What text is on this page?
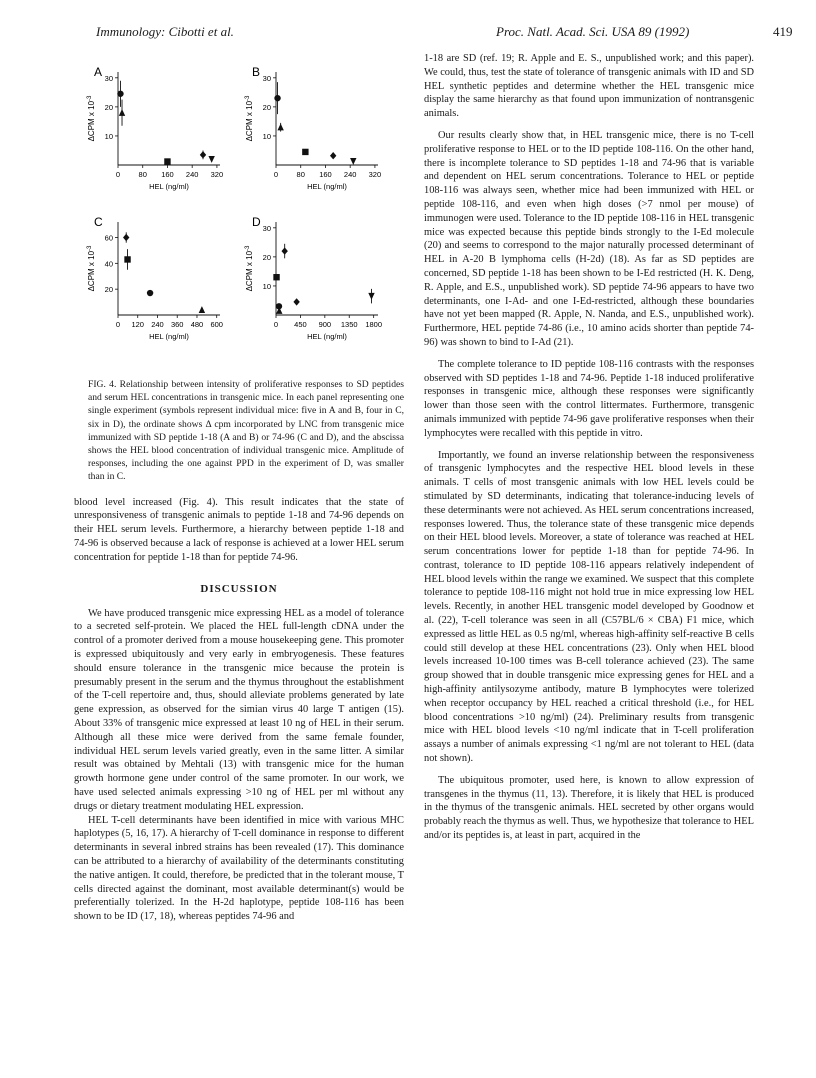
Immunology: Cibotti et al.	Proc. Natl. Acad. Sci. USA 89 (1992)	419
A
10
20
30
0 80 160 240 320
HEL (ng/ml)
ΔCPM x $10^{-3}$
B
10
20
30
0 80 160 240 320
HEL (ng/ml)
ΔCPM x $10^{-3}$
C
20
40
60
0 120 240 360 480 600
HEL (ng/ml)
ΔCPM x $10^{-3}$
D
10
20
30
0 450 900 1350 1800
HEL (ng/ml)
ΔCPM x $10^{-3}$
FIG. 4. Relationship between intensity of proliferative responses to SD peptides and serum HEL concentrations in transgenic mice. In each panel representing one single experiment (symbols represent individual mice: five in A and B, four in C, six in D), the ordinate shows Δ cpm incorporated by LNC from transgenic mice immunized with SD peptide 1-18 (A and B) or 74-96 (C and D), and the abscissa shows the HEL blood concentration of individual transgenic mice. Amplitude of responses, including the one against PPD in the experiment of D, was smaller than in C.

blood level increased (Fig. 4). This result indicates that the state of unresponsiveness of transgenic animals to peptide 1-18 and 74-96 depends on their HEL serum levels. Furthermore, a hierarchy between peptide 1-18 and 74-96 is observed because a lack of response is achieved at a lower HEL serum concentration for peptide 1-18 than for peptide 74-96.

DISCUSSION

We have produced transgenic mice expressing HEL as a model of tolerance to a secreted self-protein. We placed the HEL full-length cDNA under the control of a promoter derived from a mouse housekeeping gene. This promoter is expressed ubiquitously and very early in embryogenesis. These features should ensure tolerance in the transgenic mice because the protein is presumably present in the serum and the thymus throughout the establishment of the T-cell repertoire and, thus, should alleviate problems generated by late gene expression, as observed for the simian virus 40 large T antigen (15). About 33% of transgenic mice expressed at least 10 ng of HEL in their serum. Although all these mice were derived from the same female founder, individual HEL serum levels varied greatly, even in the same litter. A similar result was obtained by Mehtali (13) with transgenic mice for the human growth hormone gene under control of the same promoter. In our work, we have used selected animals expressing >10 ng of HEL per ml without any drugs or dietary treatment modulating HEL expression.

HEL T-cell determinants have been identified in mice with various MHC haplotypes (5, 16, 17). A hierarchy of T-cell dominance in response to different determinants in several inbred strains has been revealed (17). This dominance can be attributed to a hierarchy of availability of the determinants constituting the native antigen. It could, therefore, be predicted that in the tolerant mouse, T cells directed against the dominant, most available determinant(s) would be preferentially tolerized. In the H-2d haplotype, peptide 108-116 has been shown to be ID (17, 18), whereas peptides 74-96 and

1-18 are SD (ref. 19; R. Apple and E. S., unpublished work; and this paper). We could, thus, test the state of tolerance of transgenic animals with ID and SD HEL synthetic peptides and determine whether the HEL transgenic mice display the same hierarchy as that found upon immunization of nontransgenic animals.

Our results clearly show that, in HEL transgenic mice, there is no T-cell proliferative response to HEL or to the ID peptide 108-116. On the other hand, there is incomplete tolerance to SD peptides 1-18 and 74-96 that is variable and dependent on HEL serum concentrations. Tolerance to HEL or peptide 108-116 was always seen, whether mice had been immunized with HEL or peptide 108-116, and even when high doses (>7 nmol per mouse) of immunogen were used. Tolerance to the ID peptide 108-116 in HEL transgenic mice was expected because this peptide binds strongly to the I-Ed molecule (20) and seems to correspond to the major naturally processed determinant of HEL in A-20 B lymphoma cells (H-2d) (18). As far as SD peptides are concerned, SD peptide 1-18 has been shown to be I-Ed restricted (H. K. Deng, R. Apple, and E.S., unpublished work). SD peptide 74-96 appears to have two determinants, one I-Ad- and one I-Ed-restricted, although these boundaries have not yet been mapped (R. Apple, N. Nanda, and E.S., unpublished work). Furthermore, HEL peptide 74-86 (i.e., 10 amino acids shorter than peptide 74-96) was shown to bind to I-Ad (21).

The complete tolerance to ID peptide 108-116 contrasts with the responses observed with SD peptides 1-18 and 74-96. Peptide 1-18 induced proliferative responses in transgenic mice, although these responses were significantly lower than those seen with the control littermates. Furthermore, transgenic animals immunized with peptide 74-96 gave proliferative responses when their lymphocytes were recalled with this peptide in vitro.

Importantly, we found an inverse relationship between the responsiveness of transgenic lymphocytes and the respective HEL blood levels in these animals. T cells of most transgenic animals with low HEL levels could be stimulated by SD determinants, indicating that tolerance-inducing levels of these determinants were not achieved. As HEL serum concentrations increased, responses lowered. Thus, the tolerance state of these transgenic mice depends on their HEL blood levels. Moreover, a state of tolerance was reached at HEL serum concentrations lower for peptide 1-18 than for peptide 74-96. In contrast, tolerance to ID peptide 108-116 appears relatively independent of HEL blood levels within the range we examined. We suspect that this complete tolerance to peptide 108-116 might not hold true in mice expressing low HEL levels. Recently, in another HEL transgenic model developed by Goodnow et al. (22), T-cell tolerance was seen in all (C57BL/6 × CBA) F1 mice, which expressed as little HEL as 0.5 ng/ml, whereas high-affinity self-reactive B cells could still develop at these HEL concentrations (23). Only when HEL blood levels increased 10-100 times was B-cell tolerance achieved (23). The same group showed that in double transgenic mice expressing genes for HEL and a high-affinity antilysozyme antibody, mature B lymphocytes were tolerized when receptor occupancy by HEL reached a critical threshold (i.e., for HEL blood concentrations >10 ng/ml) (24). Preliminary results from transgenic mice with HEL blood levels <10 ng/ml indicate that in T-cell proliferation assays a number of animals expressing <1 ng/ml are not tolerant to HEL (data not shown).

The ubiquitous promoter, used here, is known to allow expression of transgenes in the thymus (11, 13). Therefore, it is likely that HEL is produced in the thymus of the transgenic animals. HEL secreted by other organs would probably reach the thymus as well. Thus, we hypothesize that tolerance to HEL and/or its peptides is, at least in part, acquired in the
